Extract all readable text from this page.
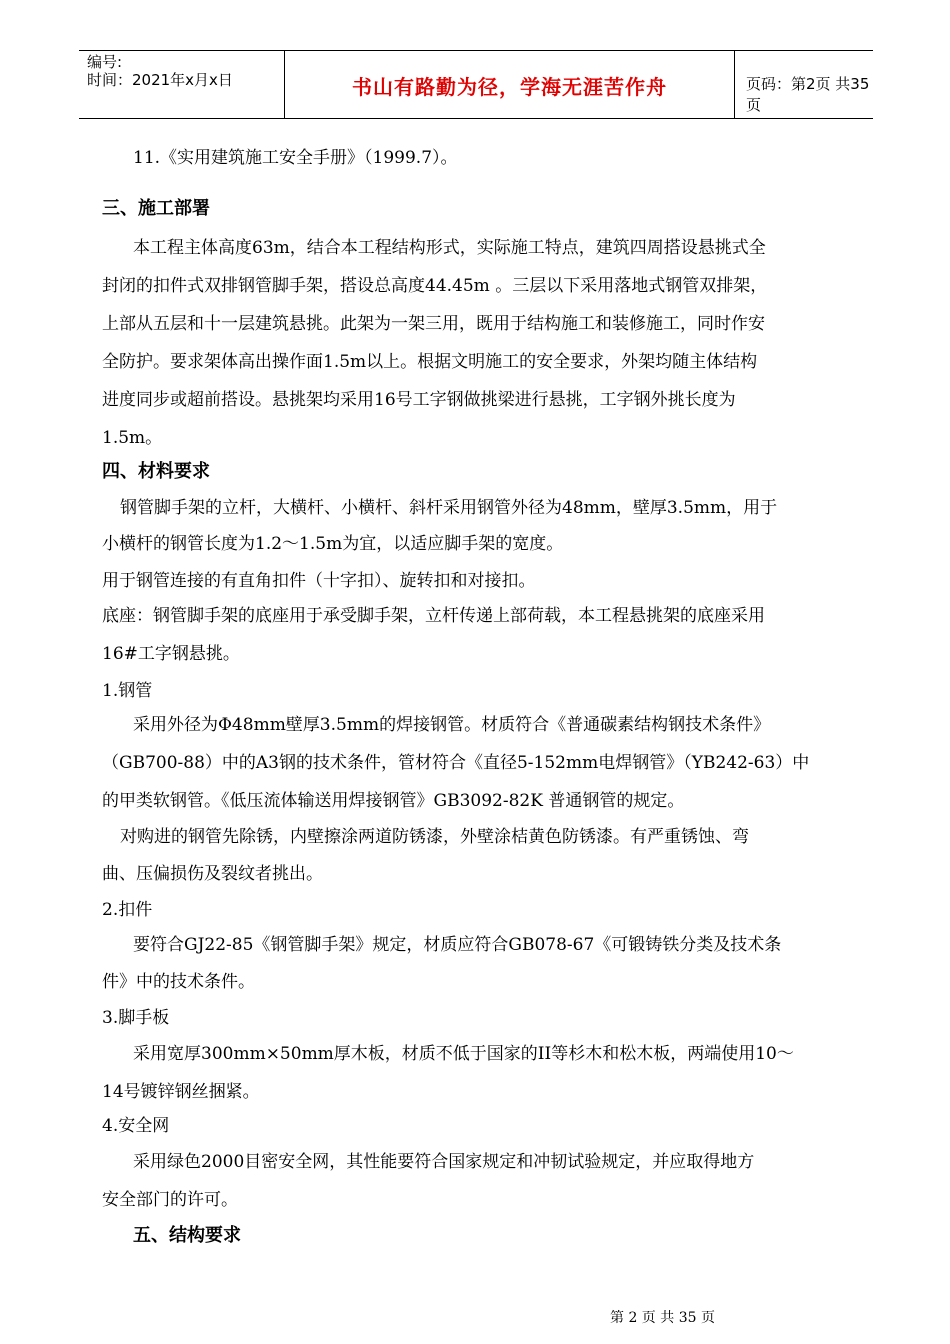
编号:
时间：2021年x月x日	书山有路勤为径，学海无涯苦作舟	页码：第2页 共35页
11.《实用建筑施工安全手册》（1999.7）。
三、施工部署
本工程主体高度63m，结合本工程结构形式，实际施工特点，建筑四周搭设悬挑式全
封闭的扣件式双排钢管脚手架，搭设总高度44.45m 。三层以下采用落地式钢管双排架，
上部从五层和十一层建筑悬挑。此架为一架三用，既用于结构施工和装修施工，同时作安
全防护。要求架体高出操作面1.5m以上。根据文明施工的安全要求，外架均随主体结构
进度同步或超前搭设。悬挑架均采用16号工字钢做挑梁进行悬挑，工字钢外挑长度为
1.5m。
四、材料要求
钢管脚手架的立杆，大横杆、小横杆、斜杆采用钢管外径为48mm，壁厚3.5mm，用于
小横杆的钢管长度为1.2～1.5m为宜，以适应脚手架的宽度。
用于钢管连接的有直角扣件（十字扣）、旋转扣和对接扣。
底座：钢管脚手架的底座用于承受脚手架，立杆传递上部荷载，本工程悬挑架的底座采用
16#工字钢悬挑。
1.钢管
采用外径为Φ48mm壁厚3.5mm的焊接钢管。材质符合《普通碳素结构钢技术条件》
（GB700-88）中的A3钢的技术条件，管材符合《直径5-152mm电焊钢管》（YB242-63）中
的甲类软钢管。《低压流体输送用焊接钢管》GB3092-82K 普通钢管的规定。
对购进的钢管先除锈，内壁擦涂两道防锈漆，外壁涂桔黄色防锈漆。有严重锈蚀、弯
曲、压偏损伤及裂纹者挑出。
2.扣件
要符合GJ22-85《钢管脚手架》规定，材质应符合GB078-67《可锻铸铁分类及技术条
件》中的技术条件。
3.脚手板
采用宽厚300mm×50mm厚木板，材质不低于国家的II等杉木和松木板，两端使用10～
14号镀锌钢丝捆紧。
4.安全网
采用绿色2000目密安全网，其性能要符合国家规定和冲韧试验规定，并应取得地方
安全部门的许可。
五、结构要求
第 2 页 共 35 页
